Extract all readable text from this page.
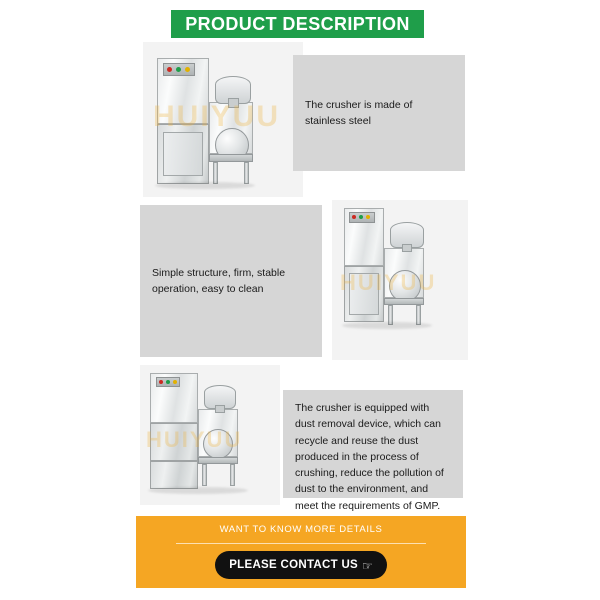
PRODUCT DESCRIPTION
HUIYUU The crusher is made of stainless steel

Simple structure, firm, stable operation, easy to clean	HUIYUU
HUIYUU

The crusher is equipped with dust removal device, which can recycle and reuse the dust produced in the process of crushing, reduce the pollution of dust to the environment, and meet the requirements of GMP.

WANT TO KNOW MORE DETAILS
PLEASE CONTACT US ☞
